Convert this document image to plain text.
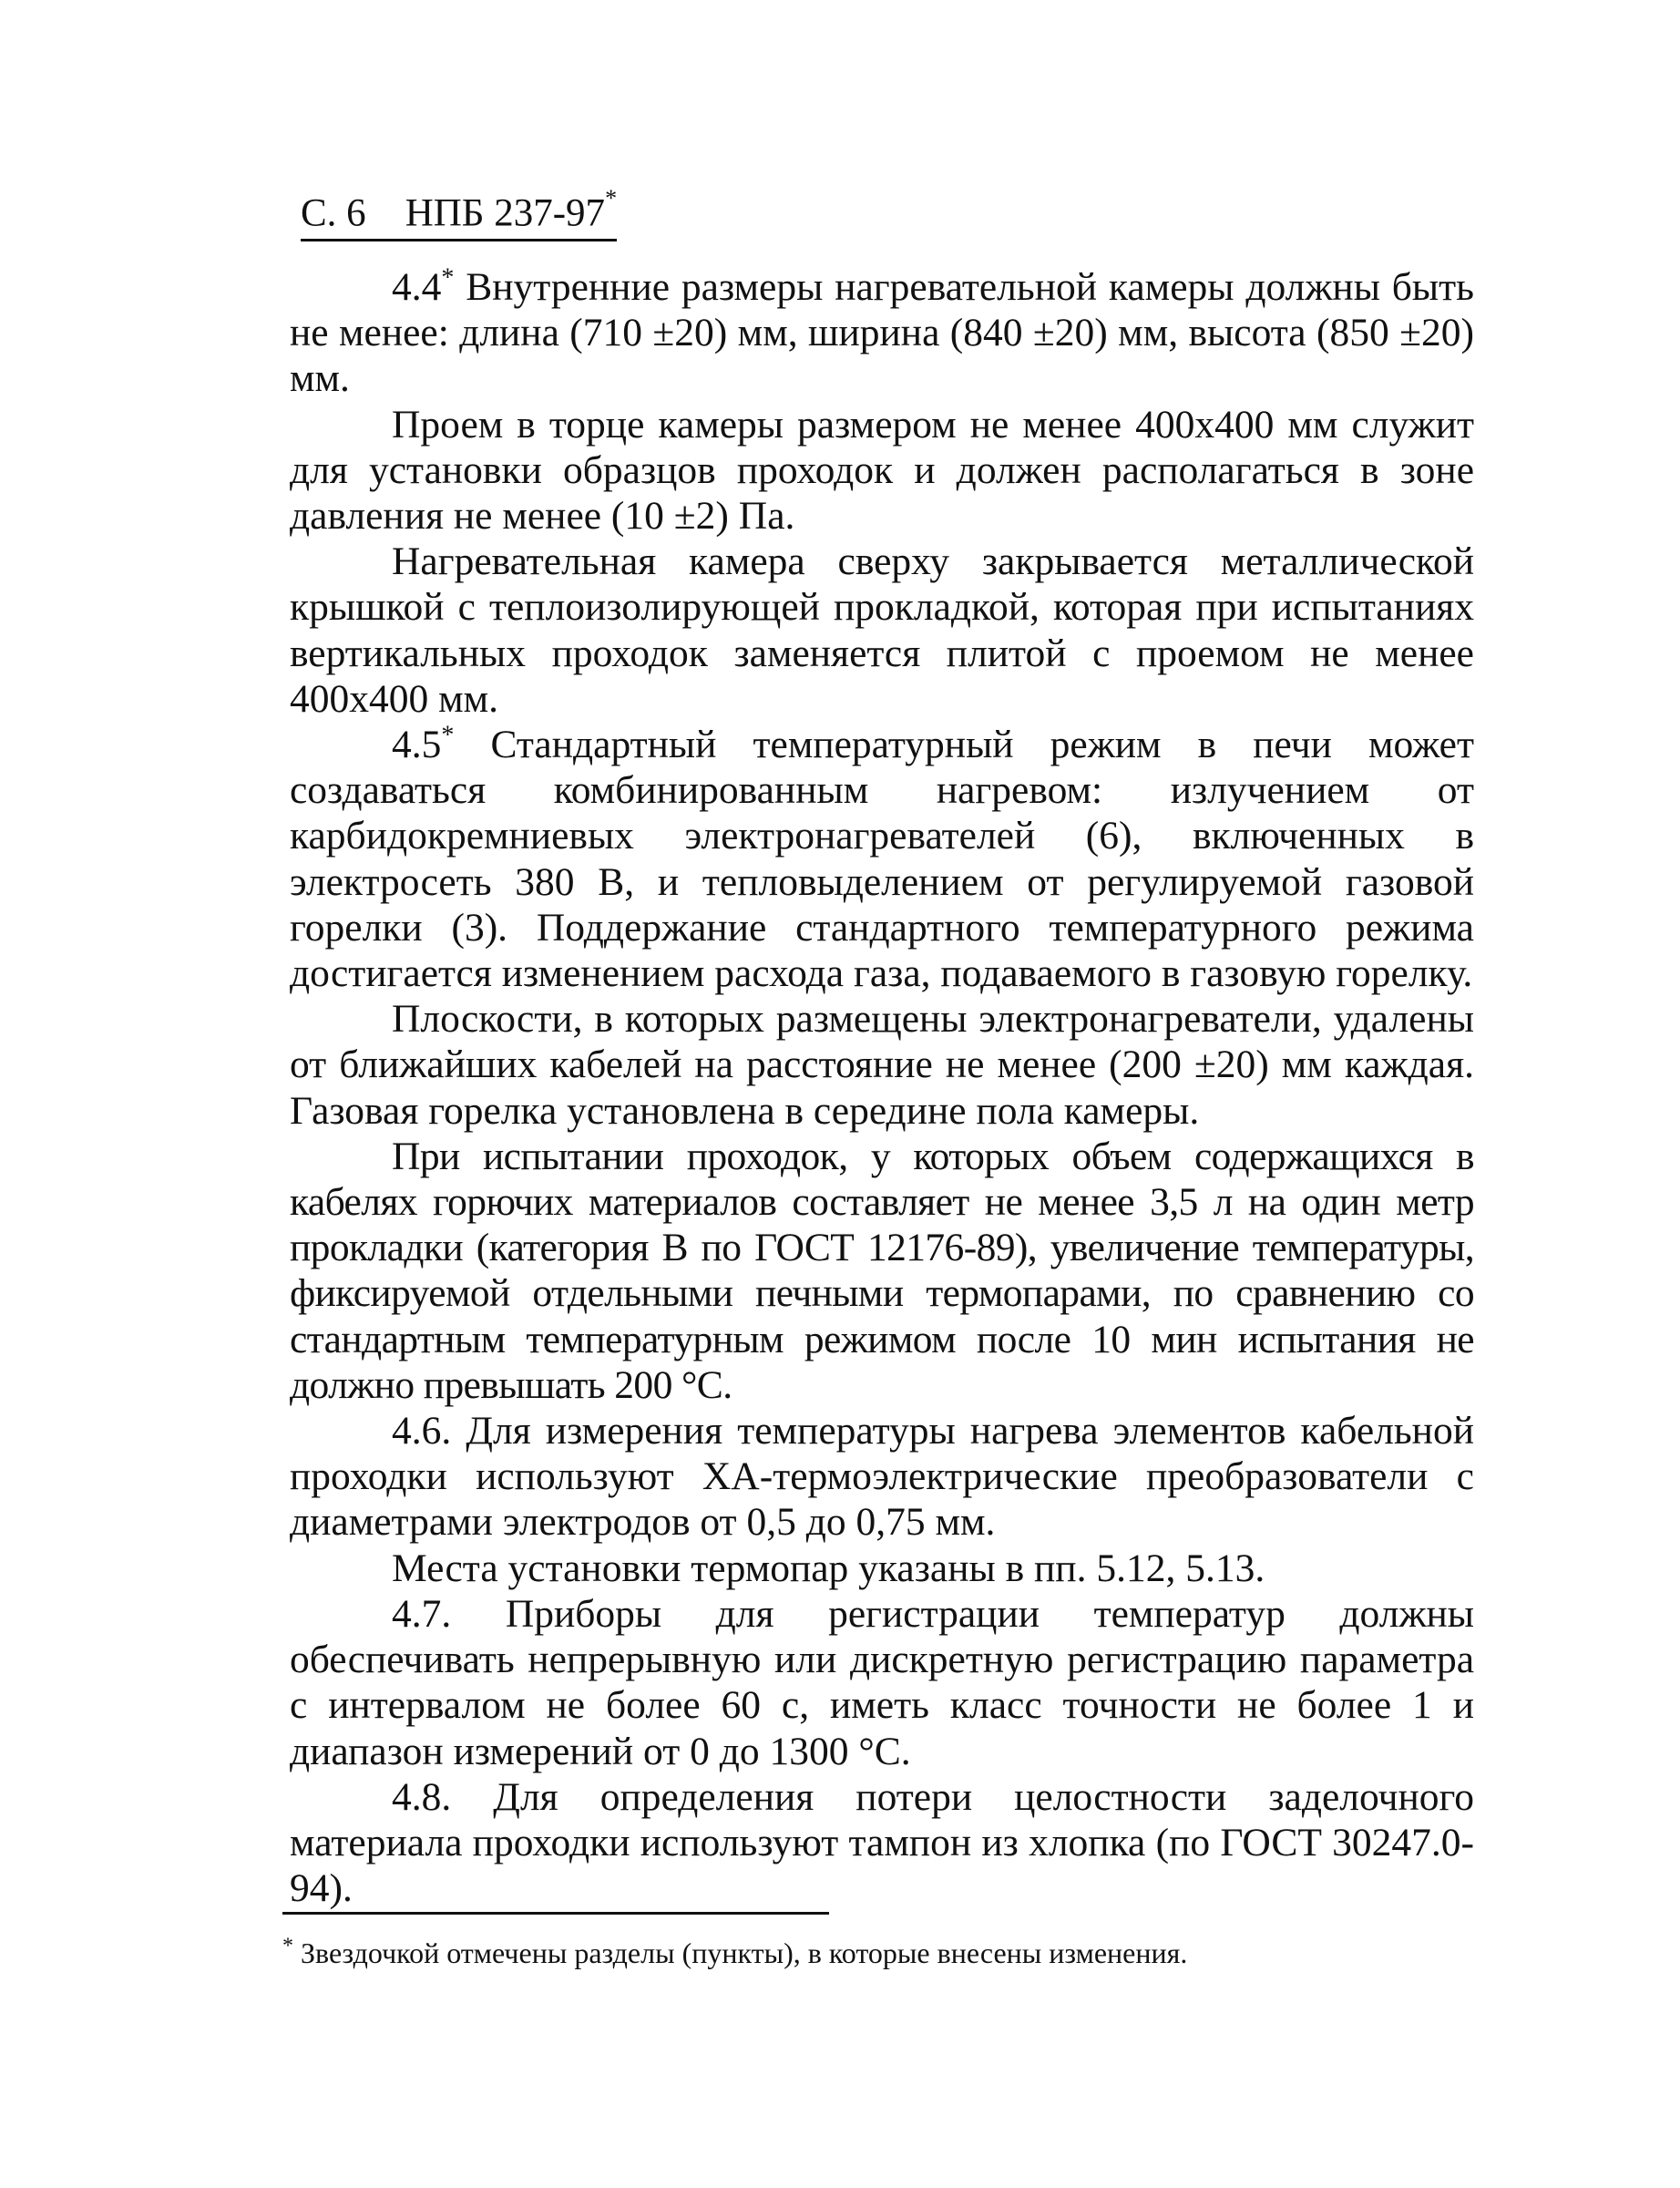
С. 6 НПБ 237-97*

4.4* Внутренние размеры нагревательной камеры должны быть не менее: длина (710 ±20) мм, ширина (840 ±20) мм, высота (850 ±20) мм.

Проем в торце камеры размером не менее 400х400 мм служит для установки образцов проходок и должен располагаться в зоне давления не менее (10 ±2) Па.

Нагревательная камера сверху закрывается металлической крышкой с теплоизолирующей прокладкой, которая при испытаниях вертикальных проходок заменяется плитой с проемом не менее 400х400 мм.

4.5* Стандартный температурный режим в печи может создаваться комбинированным нагревом: излучением от карбидокремниевых электронагревателей (6), включенных в электросеть 380 В, и тепловыделением от регулируемой газовой горелки (3). Поддержание стандартного температурного режима достигается изменением расхода газа, подаваемого в газовую горелку.

Плоскости, в которых размещены электронагреватели, удалены от ближайших кабелей на расстояние не менее (200 ±20) мм каждая. Газовая горелка установлена в середине пола камеры.

При испытании проходок, у которых объем содержащихся в кабелях горючих материалов составляет не менее 3,5 л на один метр прокладки (категория В по ГОСТ 12176-89), увеличение температуры, фиксируемой отдельными печными термопарами, по сравнению со стандартным температурным режимом после 10 мин испытания не должно превышать 200 °С.

4.6. Для измерения температуры нагрева элементов кабельной проходки используют ХА-термоэлектрические преобразователи с диаметрами электродов от 0,5 до 0,75 мм.

Места установки термопар указаны в пп. 5.12, 5.13.

4.7. Приборы для регистрации температур должны обеспечивать непрерывную или дискретную регистрацию параметра с интервалом не более 60 с, иметь класс точности не более 1 и диапазон измерений от 0 до 1300 °С.

4.8. Для определения потери целостности заделочного материала проходки используют тампон из хлопка (по ГОСТ 30247.0-94).

* Звездочкой отмечены разделы (пункты), в которые внесены изменения.
